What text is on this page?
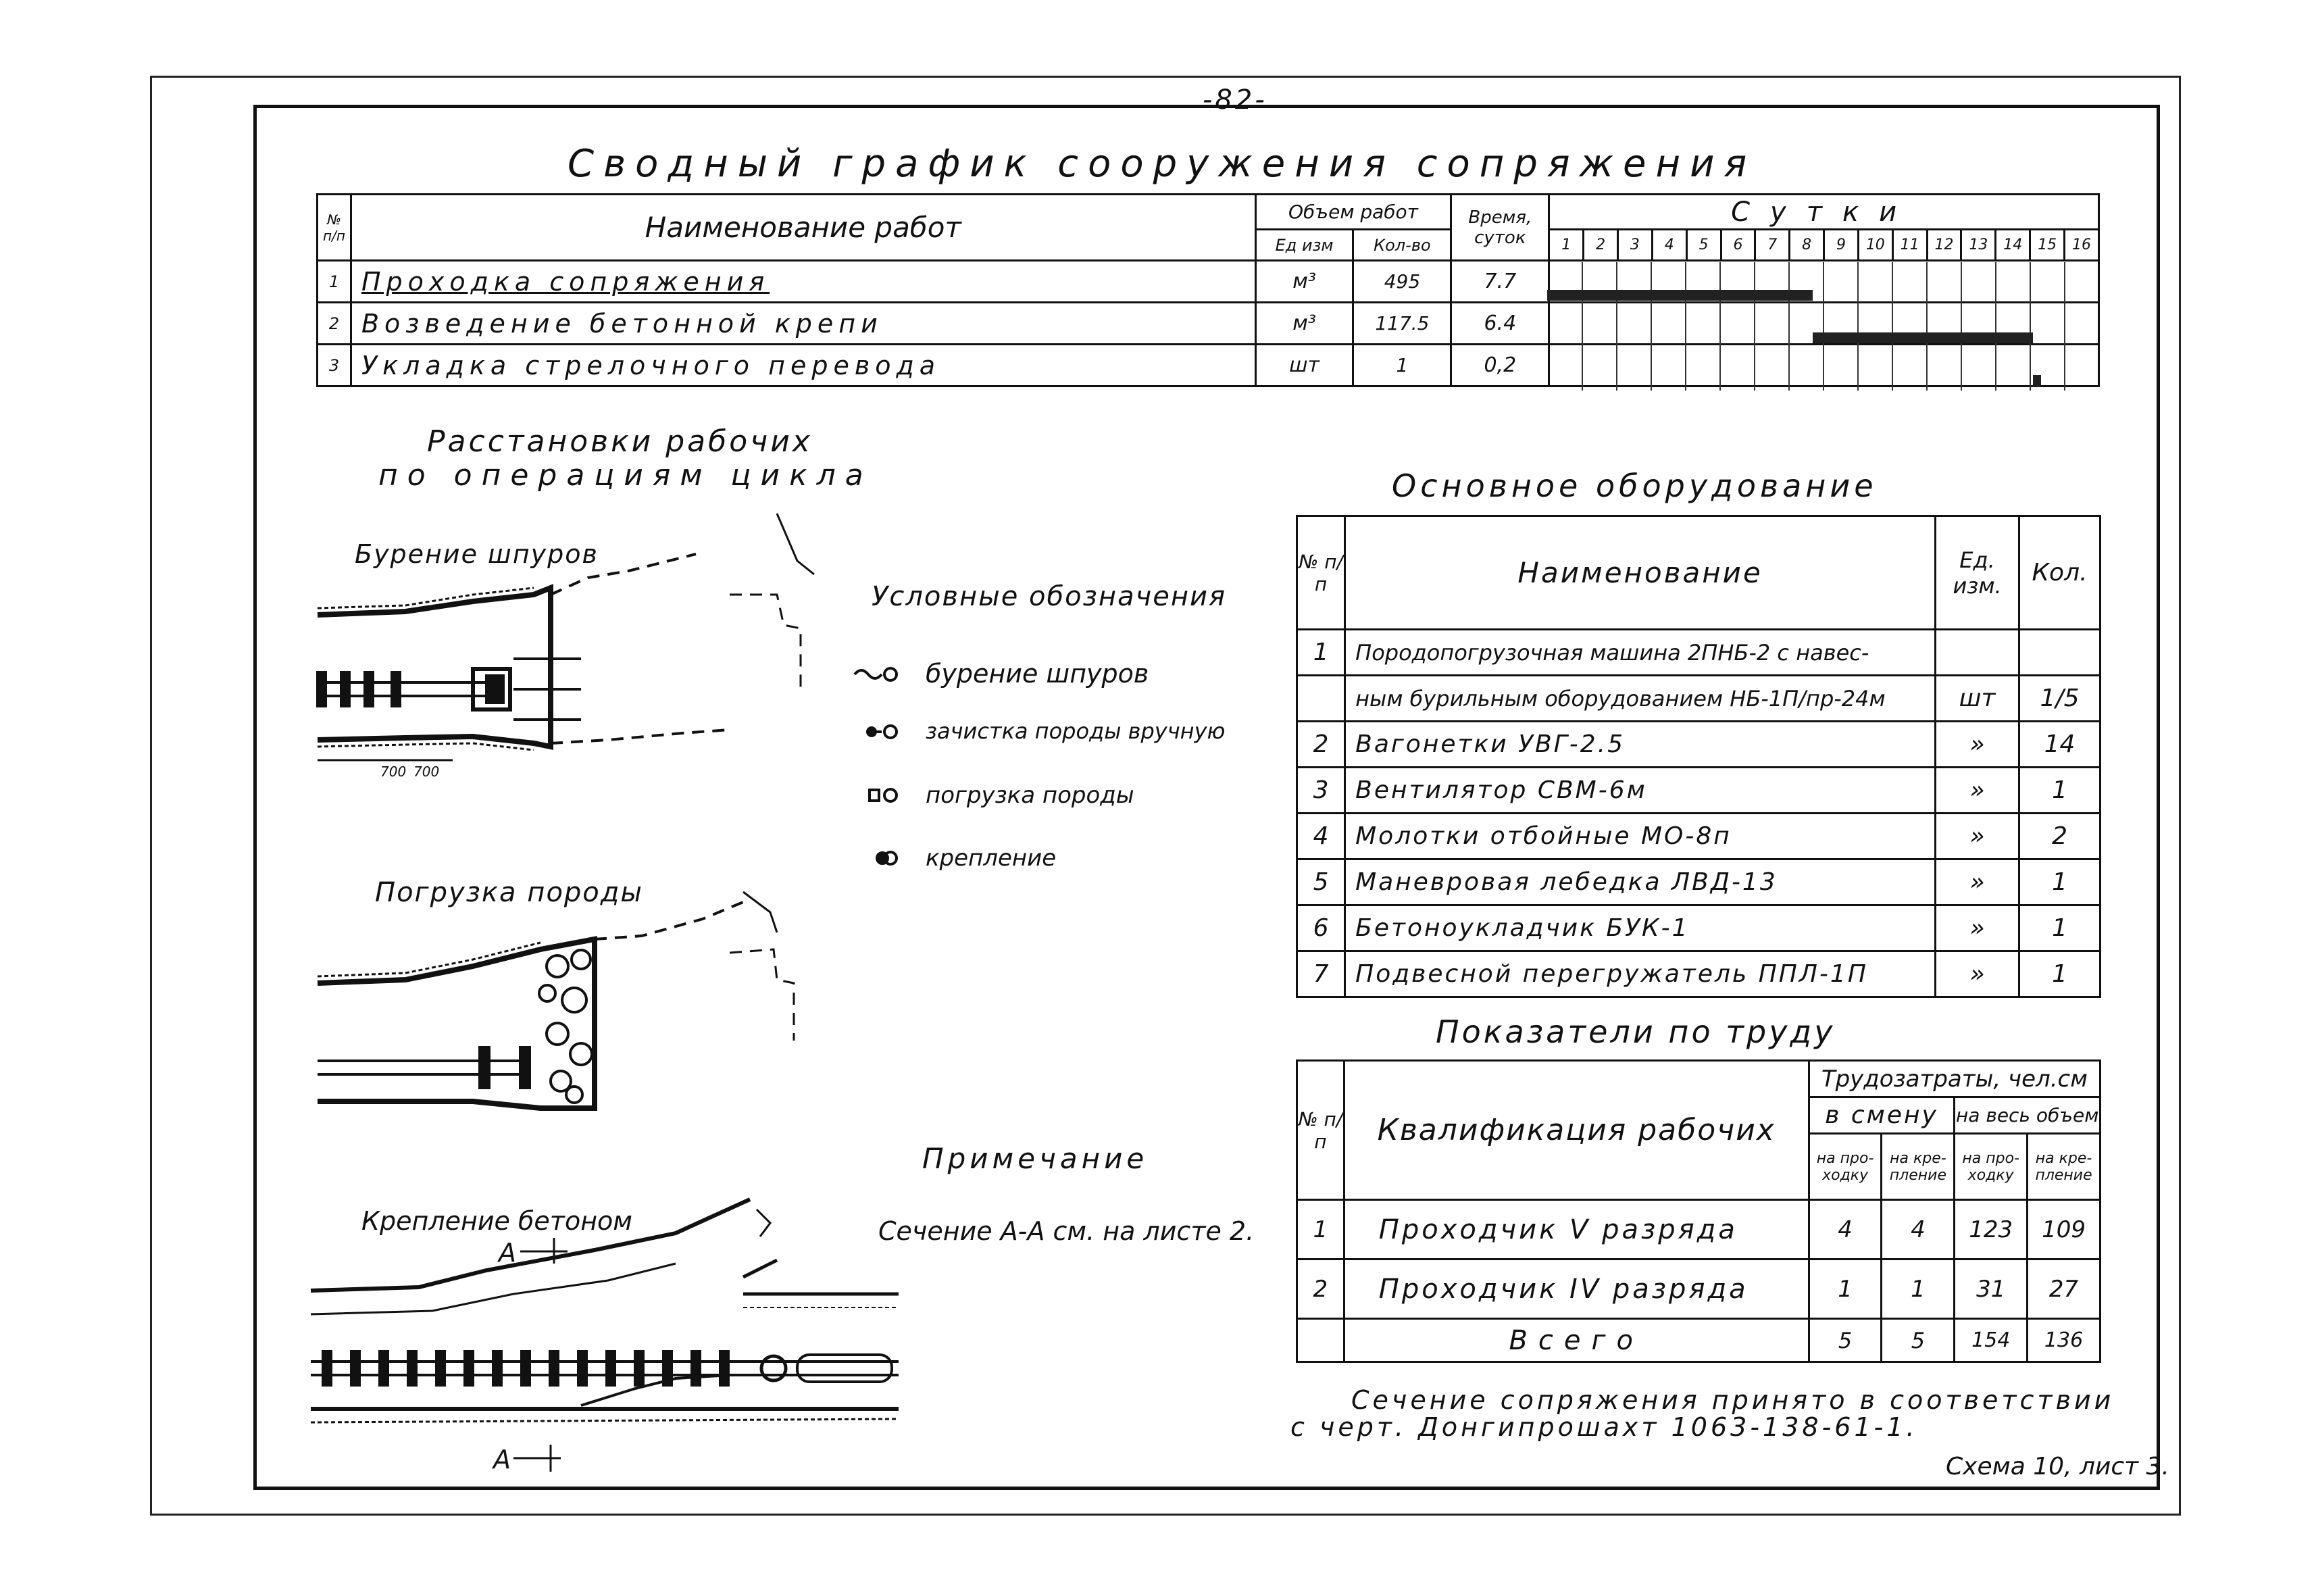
-82-
Сводный график сооружения сопряжения
№ п/п	Наименование работ	Объем работ		Время, суток	Сутки															
		Ед изм	Кол-во		1	2	3	4	5	6	7	8	9	10	11	12	13	14	15	16
1	Проходка сопряжения	м³	495	7.7																
2	Возведение бетонной крепи	м³	117.5	6.4																
3	Укладка стрелочного перевода	шт	1	0,2																
Расстановки рабочих
по операциям цикла
Бурение шпуров
Погрузка породы
Крепление бетоном
700 700
А
А
Условные обозначения
бурение шпуров
зачистка породы вручную
погрузка породы
крепление
Примечание
Сечение А-А см. на листе 2.
Основное оборудование
№ п/п	Наименование	Ед. изм.	Кол.
1	Породопогрузочная машина 2ПНБ-2 с навес-		
	ным бурильным оборудованием НБ-1П/пр-24м	шт	1/5
2	Вагонетки УВГ-2.5	»	14
3	Вентилятор СВМ-6м	»	1
4	Молотки отбойные МО-8п	»	2
5	Маневровая лебедка ЛВД-13	»	1
6	Бетоноукладчик БУК-1	»	1
7	Подвесной перегружатель ППЛ-1П	»	1
Показатели по труду
№ п/п	Квалификация рабочих	Трудозатраты, чел.см			
		в смену		на весь объем	
		на про-ходку	на кре-пление	на про-ходку	на кре-пление
1	Проходчик V разряда	4	4	123	109
2	Проходчик IV разряда	1	1	31	27
	Всего	5	5	154	136
Сечение сопряжения принято в соответствии
с черт. Донгипрошахт 1063-138-61-1.
Схема 10, лист 3.
